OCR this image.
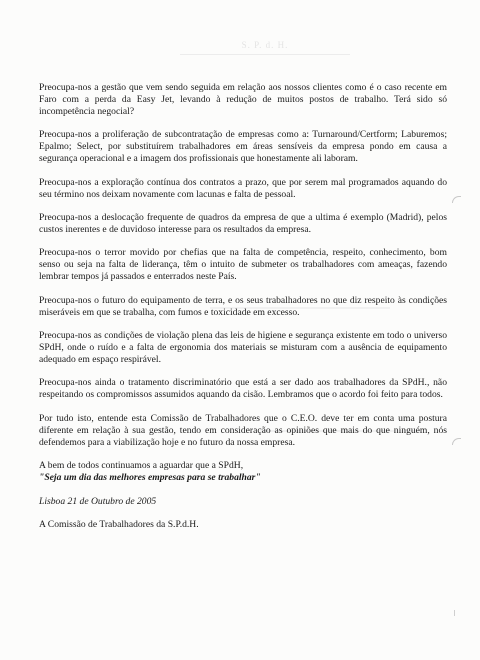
S. P. d. H.

Preocupa-nos a gestão que vem sendo seguida em relação aos nossos clientes como é o caso recente em Faro com a perda da Easy Jet, levando à redução de muitos postos de trabalho. Terá sido só incompetência negocial?

Preocupa-nos a proliferação de subcontratação de empresas como a: Turnaround/Certform; Laburemos; Epalmo; Select, por substituírem trabalhadores em áreas sensíveis da empresa pondo em causa a segurança operacional e a imagem dos profissionais que honestamente ali laboram.

Preocupa-nos a exploração contínua dos contratos a prazo, que por serem mal programados aquando do seu término nos deixam novamente com lacunas e falta de pessoal.

Preocupa-nos a deslocação frequente de quadros da empresa de que a ultima é exemplo (Madrid), pelos custos inerentes e de duvidoso interesse para os resultados da empresa.

Preocupa-nos o terror movido por chefias que na falta de competência, respeito, conhecimento, bom senso ou seja na falta de liderança, têm o intuito de submeter os trabalhadores com ameaças, fazendo lembrar tempos já passados e enterrados neste País.

Preocupa-nos o futuro do equipamento de terra, e os seus trabalhadores no que diz respeito às condições miseráveis em que se trabalha, com fumos e toxicidade em excesso.

Preocupa-nos as condições de violação plena das leis de higiene e segurança existente em todo o universo SPdH, onde o ruído e a falta de ergonomia dos materiais se misturam com a ausência de equipamento adequado em espaço respirável.

Preocupa-nos ainda o tratamento discriminatório que está a ser dado aos trabalhadores da SPdH., não respeitando os compromissos assumidos aquando da cisão. Lembramos que o acordo foi feito para todos.

Por tudo isto, entende esta Comissão de Trabalhadores que o C.E.O. deve ter em conta uma postura diferente em relação à sua gestão, tendo em consideração as opiniões que mais do que ninguém, nós defendemos para a viabilização hoje e no futuro da nossa empresa.

A bem de todos continuamos a aguardar que a SPdH,

"Seja um dia das melhores empresas para se trabalhar"

Lisboa 21 de Outubro de 2005

A Comissão de Trabalhadores da S.P.d.H.
